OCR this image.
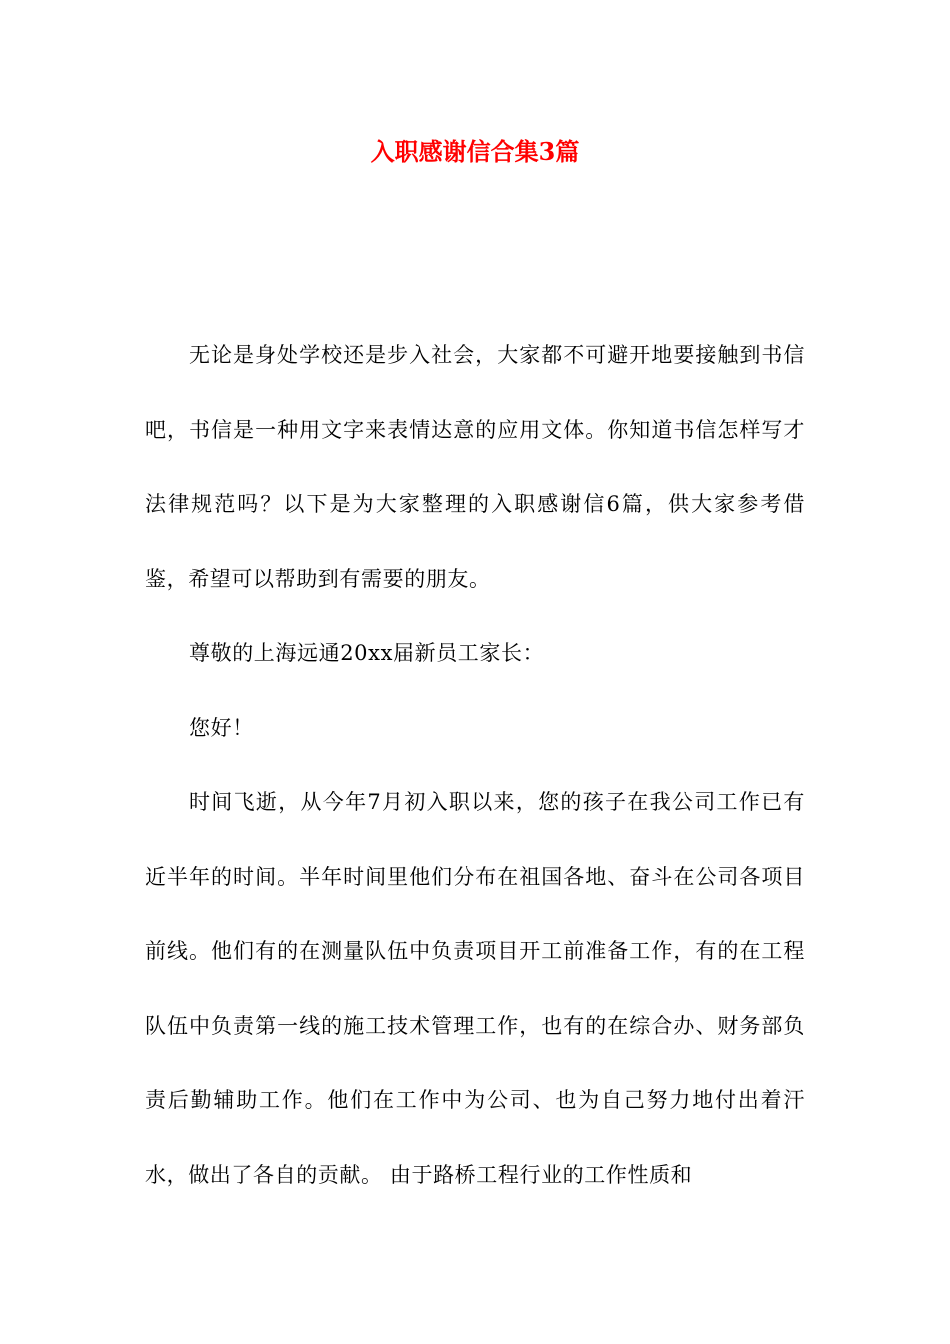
入职感谢信合集3篇

无论是身处学校还是步入社会，大家都不可避开地要接触到书信吧，书信是一种用文字来表情达意的应用文体。你知道书信怎样写才法律规范吗？以下是为大家整理的入职感谢信6篇，供大家参考借鉴，希望可以帮助到有需要的朋友。

尊敬的上海远通20xx届新员工家长：

您好！

时间飞逝，从今年7月初入职以来，您的孩子在我公司工作已有近半年的时间。半年时间里他们分布在祖国各地、奋斗在公司各项目前线。他们有的在测量队伍中负责项目开工前准备工作，有的在工程队伍中负责第一线的施工技术管理工作，也有的在综合办、财务部负责后勤辅助工作。他们在工作中为公司、也为自己努力地付出着汗水，做出了各自的贡献。 由于路桥工程行业的工作性质和
